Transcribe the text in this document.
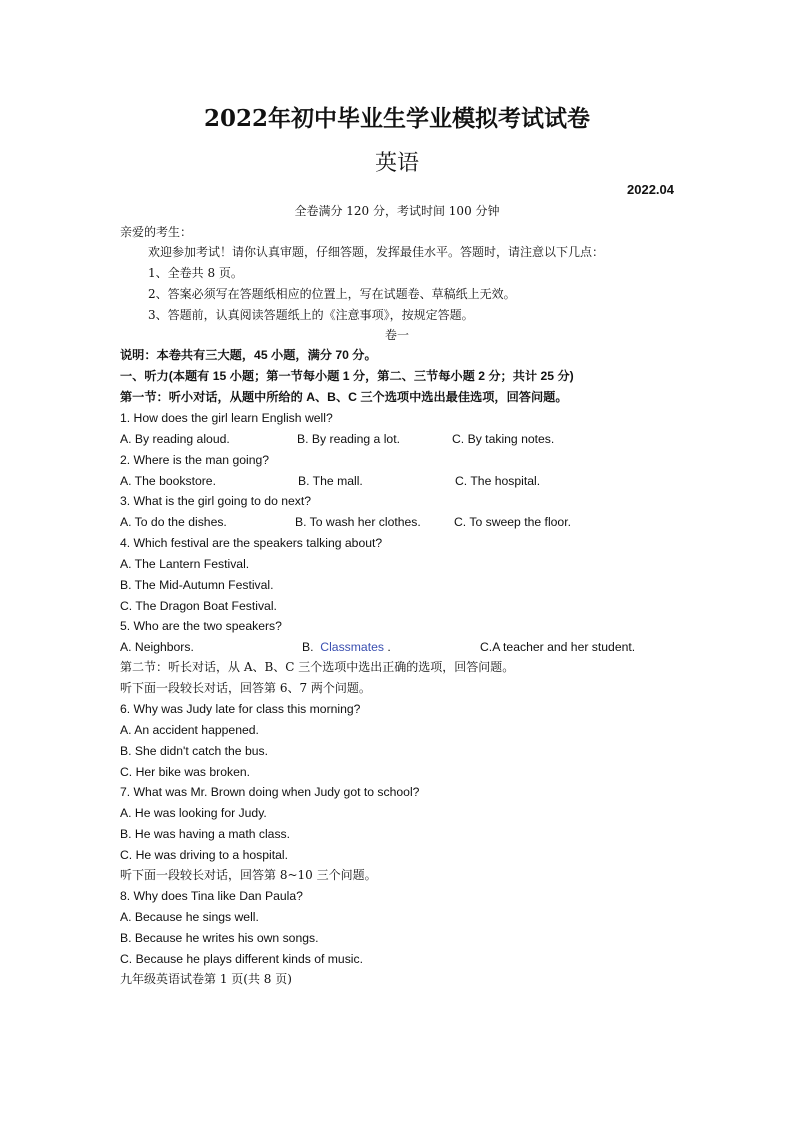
2022年初中毕业生学业模拟考试试卷
英语
2022.04
全卷满分 120 分，考试时间 100 分钟
亲爱的考生：
欢迎参加考试！请你认真审题，仔细答题，发挥最佳水平。答题时，请注意以下几点：
1、全卷共 8 页。
2、答案必须写在答题纸相应的位置上，写在试题卷、草稿纸上无效。
3、答题前，认真阅读答题纸上的《注意事项》，按规定答题。
卷一
说明：本卷共有三大题，45 小题，满分 70 分。
一、听力(本题有 15 小题；第一节每小题 1 分，第二、三节每小题 2 分；共计 25 分)
第一节：听小对话，从题中所给的 A、B、C 三个选项中选出最佳选项，回答问题。
1. How does the girl learn English well?
A. By reading aloud.	B. By reading a lot.	C. By taking notes.
2. Where is the man going?
A. The bookstore.	B. The mall.	C. The hospital.
3. What is the girl going to do next?
A. To do the dishes.	B. To wash her clothes.	C. To sweep the floor.
4. Which festival are the speakers talking about?
A. The Lantern Festival.
B. The Mid-Autumn Festival.
C. The Dragon Boat Festival.
5. Who are the two speakers?
A. Neighbors.	B. Classmates .	C.A teacher and her student.
第二节：听长对话，从 A、B、C 三个选项中选出正确的选项，回答问题。
听下面一段较长对话，回答第 6、7 两个问题。
6. Why was Judy late for class this morning?
A. An accident happened.
B. She didn't catch the bus.
C. Her bike was broken.
7. What was Mr. Brown doing when Judy got to school?
A. He was looking for Judy.
B. He was having a math class.
C. He was driving to a hospital.
听下面一段较长对话，回答第 8~10 三个问题。
8. Why does Tina like Dan Paula?
A. Because he sings well.
B. Because he writes his own songs.
C. Because he plays different kinds of music.
九年级英语试卷第 1 页(共 8 页)
